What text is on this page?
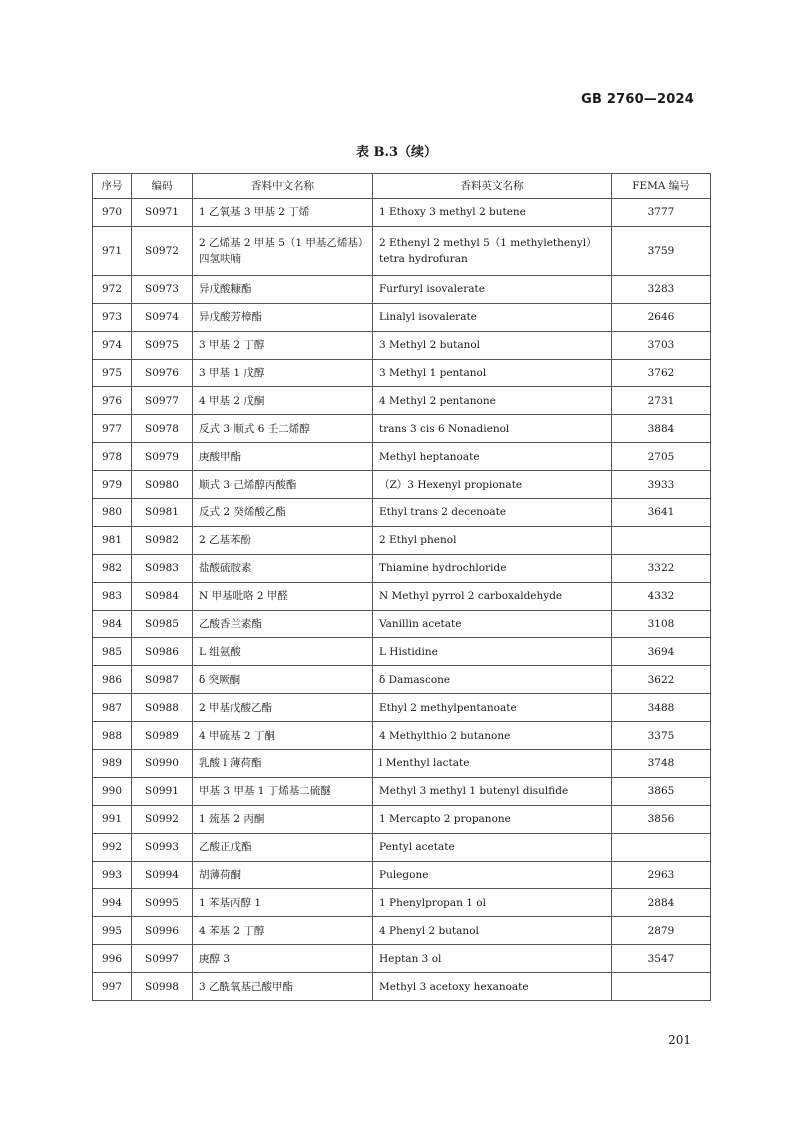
GB 2760—2024
表 B.3（续）
序号	编码	香料中文名称	香料英文名称	FEMA 编号
970	S0971	1 乙氧基 3 甲基 2 丁烯	1 Ethoxy 3 methyl 2 butene	3777
971	S0972	2 乙烯基 2 甲基 5（1 甲基乙烯基）四氢呋喃	2 Ethenyl 2 methyl 5（1 methylethenyl）tetra hydrofuran	3759
972	S0973	异戊酸糠酯	Furfuryl isovalerate	3283
973	S0974	异戊酸芳樟酯	Linalyl isovalerate	2646
974	S0975	3 甲基 2 丁醇	3 Methyl 2 butanol	3703
975	S0976	3 甲基 1 戊醇	3 Methyl 1 pentanol	3762
976	S0977	4 甲基 2 戊酮	4 Methyl 2 pentanone	2731
977	S0978	反式 3 顺式 6 壬二烯醇	trans 3 cis 6 Nonadienol	3884
978	S0979	庚酸甲酯	Methyl heptanoate	2705
979	S0980	顺式 3 己烯醇丙酸酯	（Z）3 Hexenyl propionate	3933
980	S0981	反式 2 癸烯酸乙酯	Ethyl trans 2 decenoate	3641
981	S0982	2 乙基苯酚	2 Ethyl phenol	
982	S0983	盐酸硫胺素	Thiamine hydrochloride	3322
983	S0984	N 甲基吡咯 2 甲醛	N Methyl pyrrol 2 carboxaldehyde	4332
984	S0985	乙酸香兰素酯	Vanillin acetate	3108
985	S0986	L 组氨酸	L Histidine	3694
986	S0987	δ 突厥酮	δ Damascone	3622
987	S0988	2 甲基戊酸乙酯	Ethyl 2 methylpentanoate	3488
988	S0989	4 甲硫基 2 丁酮	4 Methylthio 2 butanone	3375
989	S0990	乳酸 l 薄荷酯	l Menthyl lactate	3748
990	S0991	甲基 3 甲基 1 丁烯基二硫醚	Methyl 3 methyl 1 butenyl disulfide	3865
991	S0992	1 巯基 2 丙酮	1 Mercapto 2 propanone	3856
992	S0993	乙酸正戊酯	Pentyl acetate	
993	S0994	胡薄荷酮	Pulegone	2963
994	S0995	1 苯基丙醇 1	1 Phenylpropan 1 ol	2884
995	S0996	4 苯基 2 丁醇	4 Phenyl 2 butanol	2879
996	S0997	庚醇 3	Heptan 3 ol	3547
997	S0998	3 乙酰氧基己酸甲酯	Methyl 3 acetoxy hexanoate	
201
